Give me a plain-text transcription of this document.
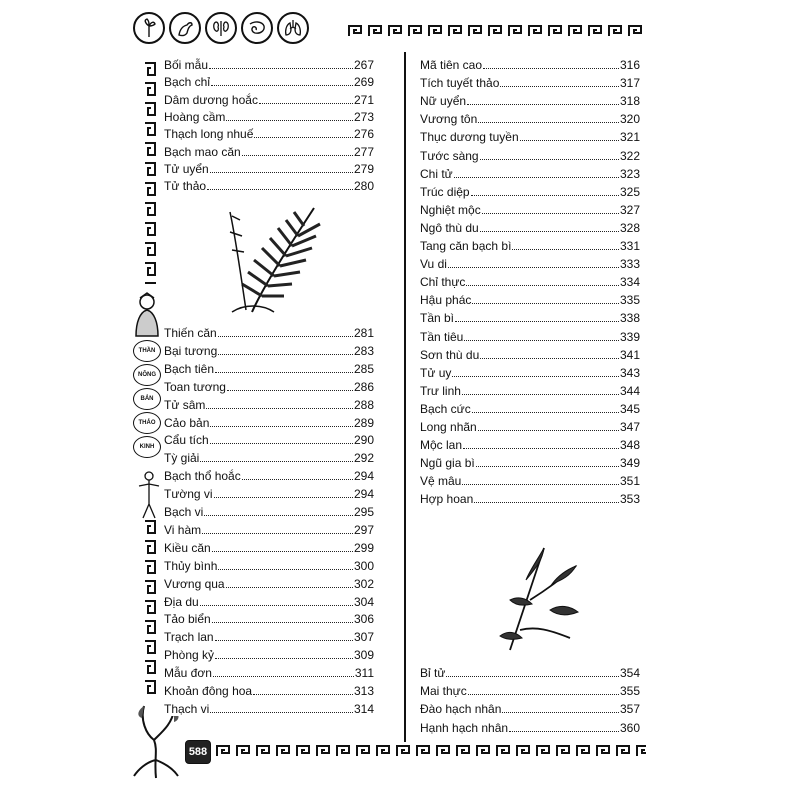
THẦN
NÔNG
BẢN
THẢO
KINH
Bối mẫu	267
Bạch chỉ	269
Dâm dương hoắc	271
Hoàng cầm	273
Thạch long nhuế	276
Bạch mao căn	277
Tử uyển	279
Tử thảo	280
Thiến căn	281
Bại tương	283
Bạch tiên	285
Toan tương	286
Tử sâm	288
Cảo bản	289
Cẩu tích	290
Tỳ giải	292
Bạch thổ hoắc	294
Tường vi	294
Bạch vi	295
Vi hàm	297
Kiều căn	299
Thủy bình	300
Vương qua	302
Địa du	304
Tảo biển	306
Trạch lan	307
Phòng kỷ	309
Mẫu đơn	311
Khoản đông hoa	313
Thạch vi	314
Mã tiên cao	316
Tích tuyết thảo	317
Nữ uyển	318
Vương tôn	320
Thục dương tuyền	321
Tước sàng	322
Chi tử	323
Trúc diệp	325
Nghiệt mộc	327
Ngô thù du	328
Tang căn bạch bì	331
Vu di	333
Chỉ thực	334
Hậu phác	335
Tần bì	338
Tần tiêu	339
Sơn thù du	341
Tử uy	343
Trư linh	344
Bạch cức	345
Long nhãn	347
Mộc lan	348
Ngũ gia bì	349
Vệ mâu	351
Hợp hoan	353
Bỉ tử	354
Mai thực	355
Đào hạch nhân	357
Hạnh hạch nhân	360
588
